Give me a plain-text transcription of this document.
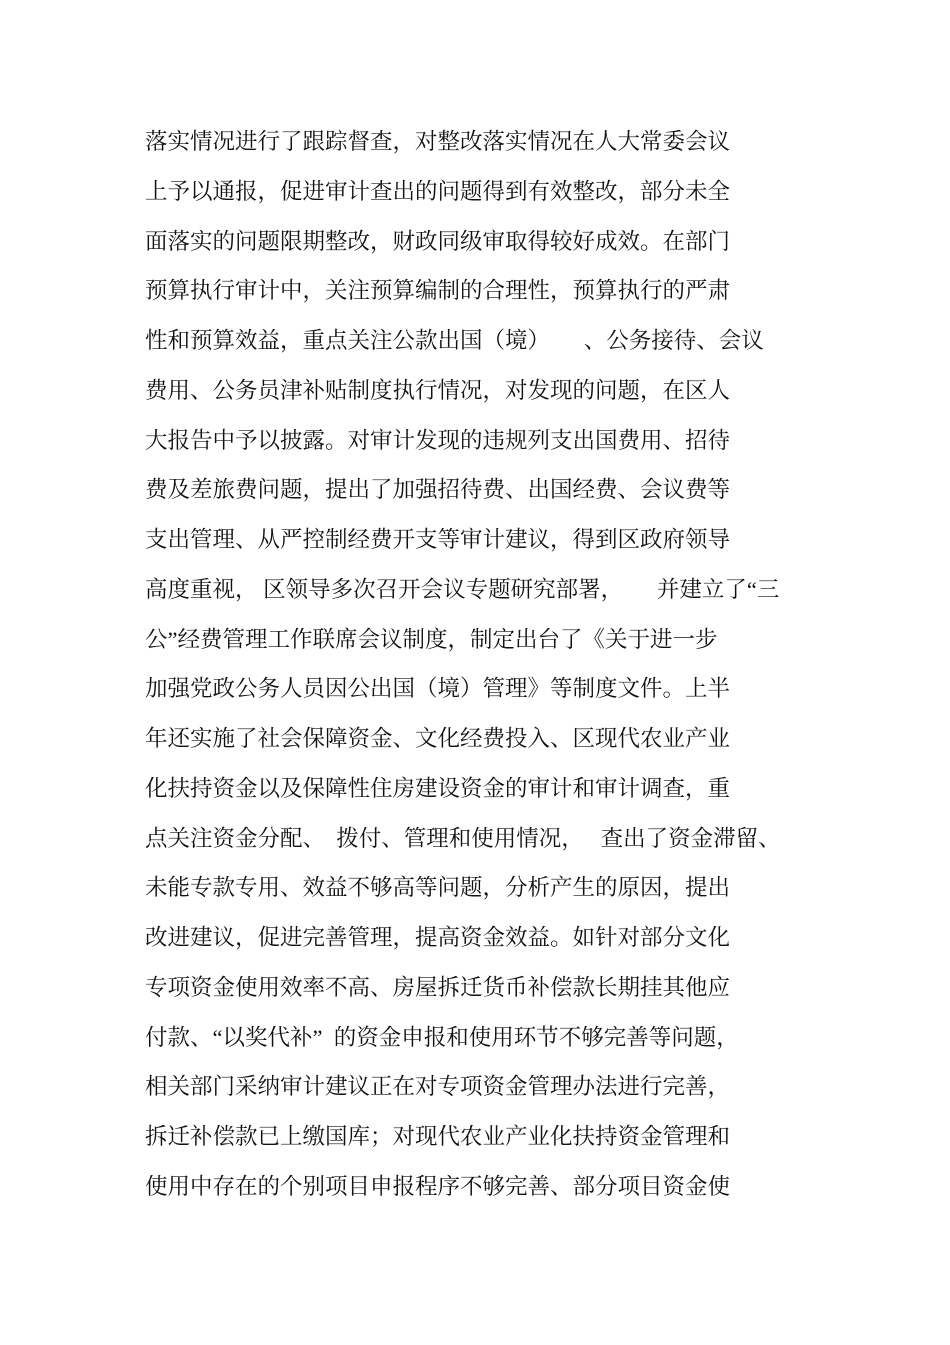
落实情况进行了跟踪督查，对整改落实情况在人大常委会议
上予以通报，促进审计查出的问题得到有效整改，部分未全
面落实的问题限期整改，财政同级审取得较好成效。在部门
预算执行审计中，关注预算编制的合理性，预算执行的严肃
性和预算效益，重点关注公款出国（境）      、公务接待、会议
费用、公务员津补贴制度执行情况，对发现的问题，在区人
大报告中予以披露。对审计发现的违规列支出国费用、招待
费及差旅费问题，提出了加强招待费、出国经费、会议费等
支出管理、从严控制经费开支等审计建议，得到区政府领导
高度重视， 区领导多次召开会议专题研究部署，      并建立了“三
公”经费管理工作联席会议制度，制定出台了《关于进一步
加强党政公务人员因公出国（境）管理》等制度文件。上半
年还实施了社会保障资金、文化经费投入、区现代农业产业
化扶持资金以及保障性住房建设资金的审计和审计调查，重
点关注资金分配、  拨付、管理和使用情况，   查出了资金滞留、
未能专款专用、效益不够高等问题，分析产生的原因，提出
改进建议，促进完善管理，提高资金效益。如针对部分文化
专项资金使用效率不高、房屋拆迁货币补偿款长期挂其他应
付款、“以奖代补”  的资金申报和使用环节不够完善等问题，
相关部门采纳审计建议正在对专项资金管理办法进行完善，
拆迁补偿款已上缴国库；对现代农业产业化扶持资金管理和
使用中存在的个别项目申报程序不够完善、部分项目资金使
